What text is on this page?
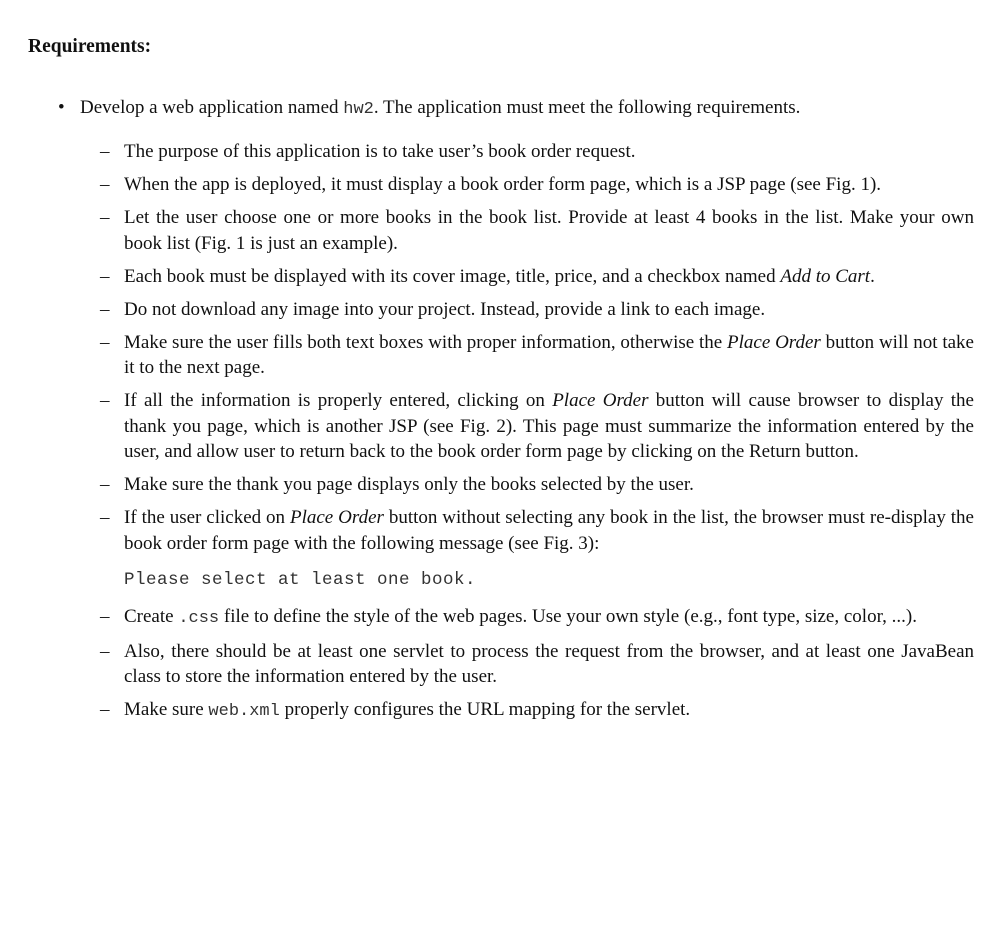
Requirements:
• Develop a web application named hw2. The application must meet the following requirements.
– The purpose of this application is to take user’s book order request.
– When the app is deployed, it must display a book order form page, which is a JSP page (see Fig. 1).
– Let the user choose one or more books in the book list. Provide at least 4 books in the list. Make your own book list (Fig. 1 is just an example).
– Each book must be displayed with its cover image, title, price, and a checkbox named Add to Cart.
– Do not download any image into your project. Instead, provide a link to each image.
– Make sure the user fills both text boxes with proper information, otherwise the Place Order button will not take it to the next page.
– If all the information is properly entered, clicking on Place Order button will cause browser to display the thank you page, which is another JSP (see Fig. 2). This page must summarize the information entered by the user, and allow user to return back to the book order form page by clicking on the Return button.
– Make sure the thank you page displays only the books selected by the user.
– If the user clicked on Place Order button without selecting any book in the list, the browser must re-display the book order form page with the following message (see Fig. 3):
Please select at least one book.
– Create .css file to define the style of the web pages. Use your own style (e.g., font type, size, color, ...).
– Also, there should be at least one servlet to process the request from the browser, and at least one JavaBean class to store the information entered by the user.
– Make sure web.xml properly configures the URL mapping for the servlet.
